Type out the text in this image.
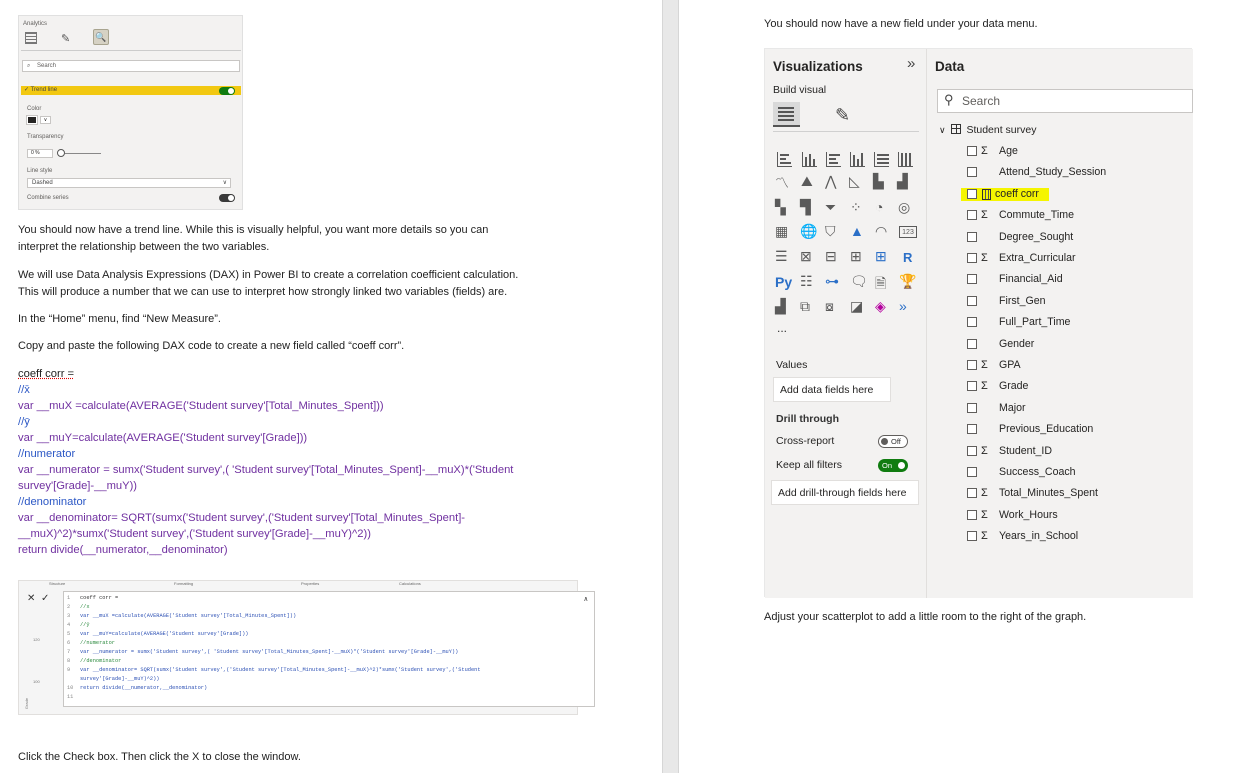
Analytics
✎	🔍
⌕ Search
✓ Trend line
Color
∨
Transparency
0 %
Line style
Dashed	∨
Combine series
You should now have a trend line. While this is visually helpful, you want more details so you can
interpret the relationship between the two variables.
We will use Data Analysis Expressions (DAX) in Power BI to create a correlation coefficient calculation.
This will produce a number that we can use to interpret how strongly linked two variables (fields) are.
In the “Home” menu, find “New Measure”.
Copy and paste the following DAX code to create a new field called “coeff corr”.
coeff corr =
//x̄
var __muX =calculate(AVERAGE('Student survey'[Total_Minutes_Spent]))
//ȳ
var __muY=calculate(AVERAGE('Student survey'[Grade]))
//numerator
var __numerator = sumx('Student survey',( 'Student survey'[Total_Minutes_Spent]-__muX)*('Student
survey'[Grade]-__muY))
//denominator
var __denominator= SQRT(sumx('Student survey',('Student survey'[Total_Minutes_Spent]-
__muX)^2)*sumx('Student survey',('Student survey'[Grade]-__muY)^2))
return divide(__numerator,__denominator)
Structure	Formatting	Properties	Calculations
✕ ✓
120
100
Grade
1 coeff corr =
2 //x
3 var __muX =calculate(AVERAGE('Student survey'[Total_Minutes_Spent]))
4 //ȳ
5 var __muY=calculate(AVERAGE('Student survey'[Grade]))
6 //numerator
7 var __numerator = sumx('Student survey',( 'Student survey'[Total_Minutes_Spent]-__muX)*('Student survey'[Grade]-__muY))
8 //denominator
9 var __denominator= SQRT(sumx('Student survey',('Student survey'[Total_Minutes_Spent]-__muX)^2)*sumx('Student survey',('Student
survey'[Grade]-__muY)^2))
10 return divide(__numerator,__denominator)
11
∧
Click the Check box. Then click the X to close the window.
You should now have a new field under your data menu.
Adjust your scatterplot to add a little room to the right of the graph.
Visualizations	»
Build visual
✎
〽 ⛰ ⋀ ◺ ▙ ▟
▚ ▜ ⏷ ⁘ ◔ ◎
▦ 🌐 ⛉ ▲ ◠	123
☰ ⊠ ⊟ ⊞ ⊞ R
Py ☷ ⊶ 🗨 🗎 🏆
▟ ⧉ ⧇ ◪ ◈ »
...
Values
Add data fields here
Drill through
Cross-report	Off
Keep all filters	On
Add drill-through fields here
Data
⚲ Search
∨ Student survey
Σ Age
Attend_Study_Session
coeff corr
Σ Commute_Time
Degree_Sought
Σ Extra_Curricular
Financial_Aid
First_Gen
Full_Part_Time
Gender
Σ GPA
Σ Grade
Major
Previous_Education
Σ Student_ID
Success_Coach
Σ Total_Minutes_Spent
Σ Work_Hours
Σ Years_in_School
